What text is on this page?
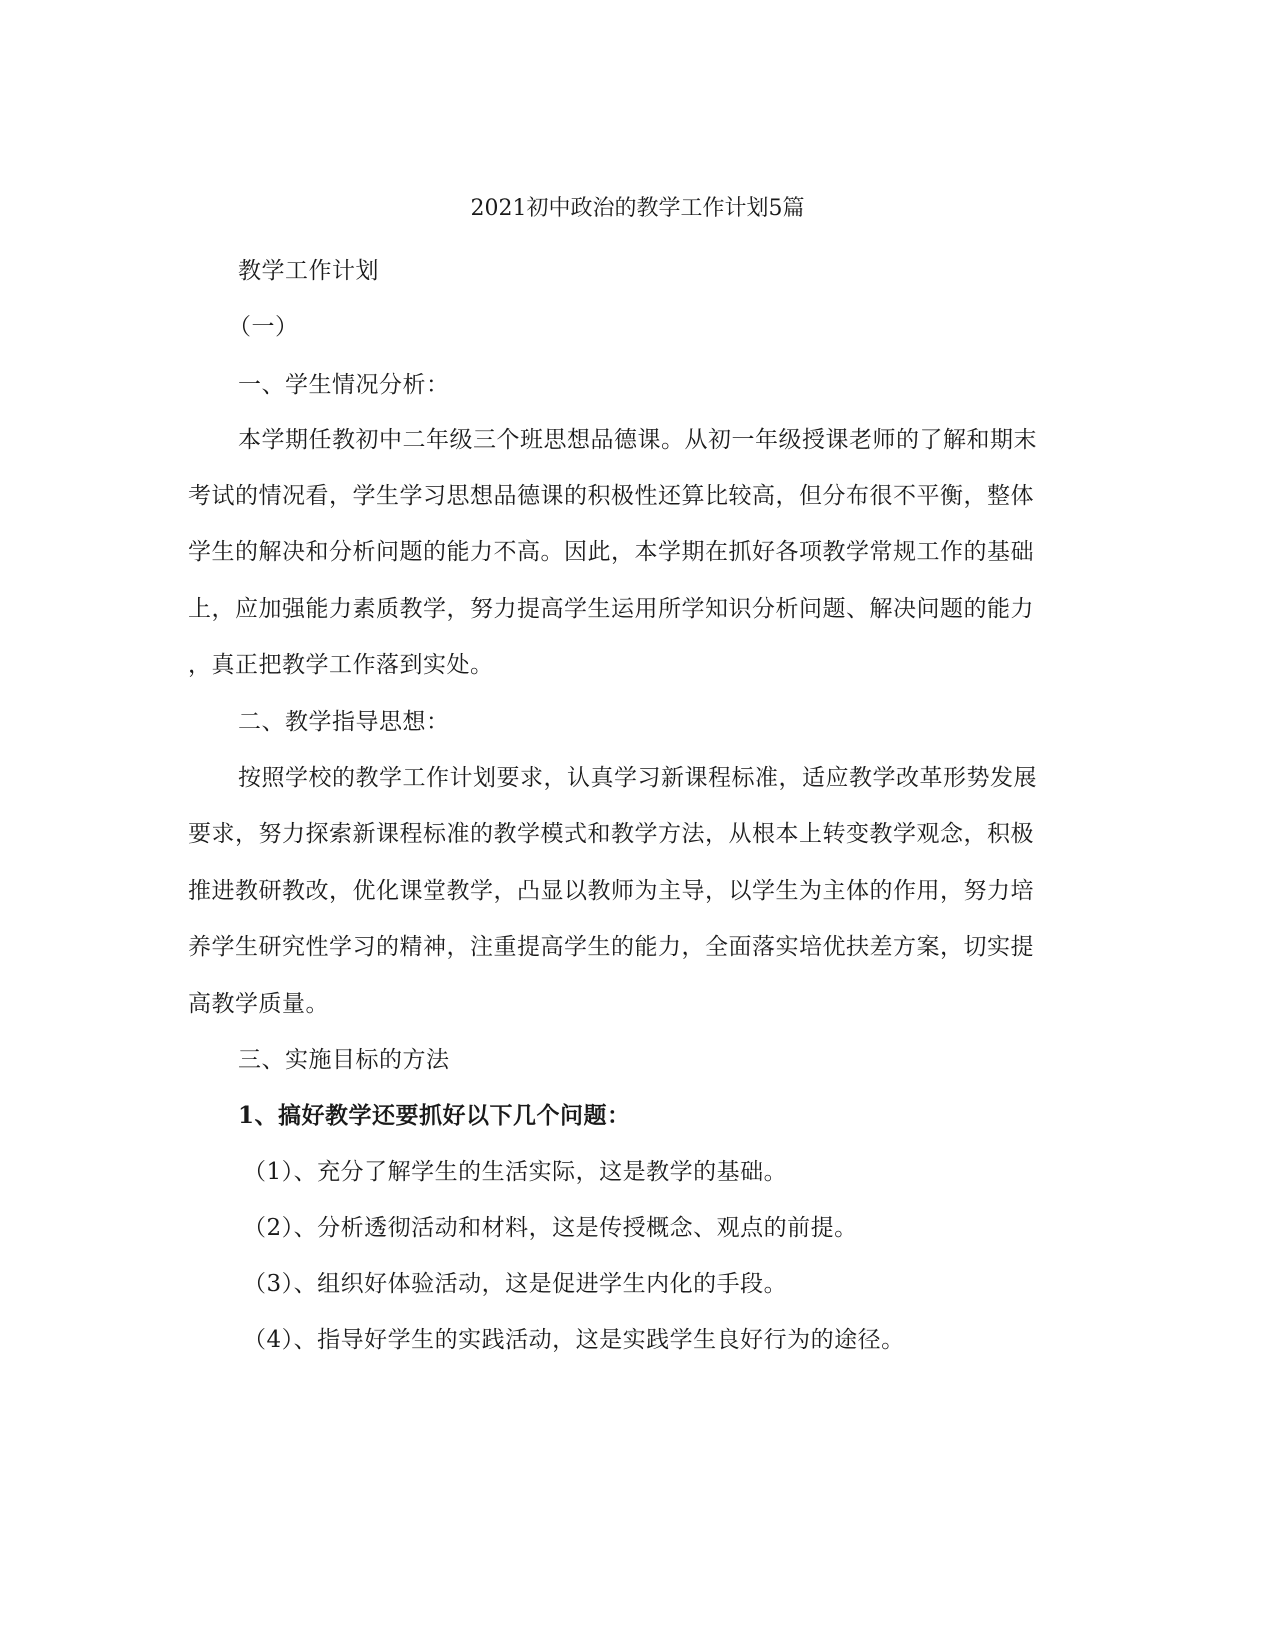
2021初中政治的教学工作计划5篇
教学工作计划
（一）
一、学生情况分析：
本学期任教初中二年级三个班思想品德课。从初一年级授课老师的了解和期末
考试的情况看，学生学习思想品德课的积极性还算比较高，但分布很不平衡，整体
学生的解决和分析问题的能力不高。因此，本学期在抓好各项教学常规工作的基础
上，应加强能力素质教学，努力提高学生运用所学知识分析问题、解决问题的能力
，真正把教学工作落到实处。
二、教学指导思想：
按照学校的教学工作计划要求，认真学习新课程标准，适应教学改革形势发展
要求，努力探索新课程标准的教学模式和教学方法，从根本上转变教学观念，积极
推进教研教改，优化课堂教学，凸显以教师为主导，以学生为主体的作用，努力培
养学生研究性学习的精神，注重提高学生的能力，全面落实培优扶差方案，切实提
高教学质量。
三、实施目标的方法
1、搞好教学还要抓好以下几个问题：
（1）、充分了解学生的生活实际，这是教学的基础。
（2）、分析透彻活动和材料，这是传授概念、观点的前提。
（3）、组织好体验活动，这是促进学生内化的手段。
（4）、指导好学生的实践活动，这是实践学生良好行为的途径。
